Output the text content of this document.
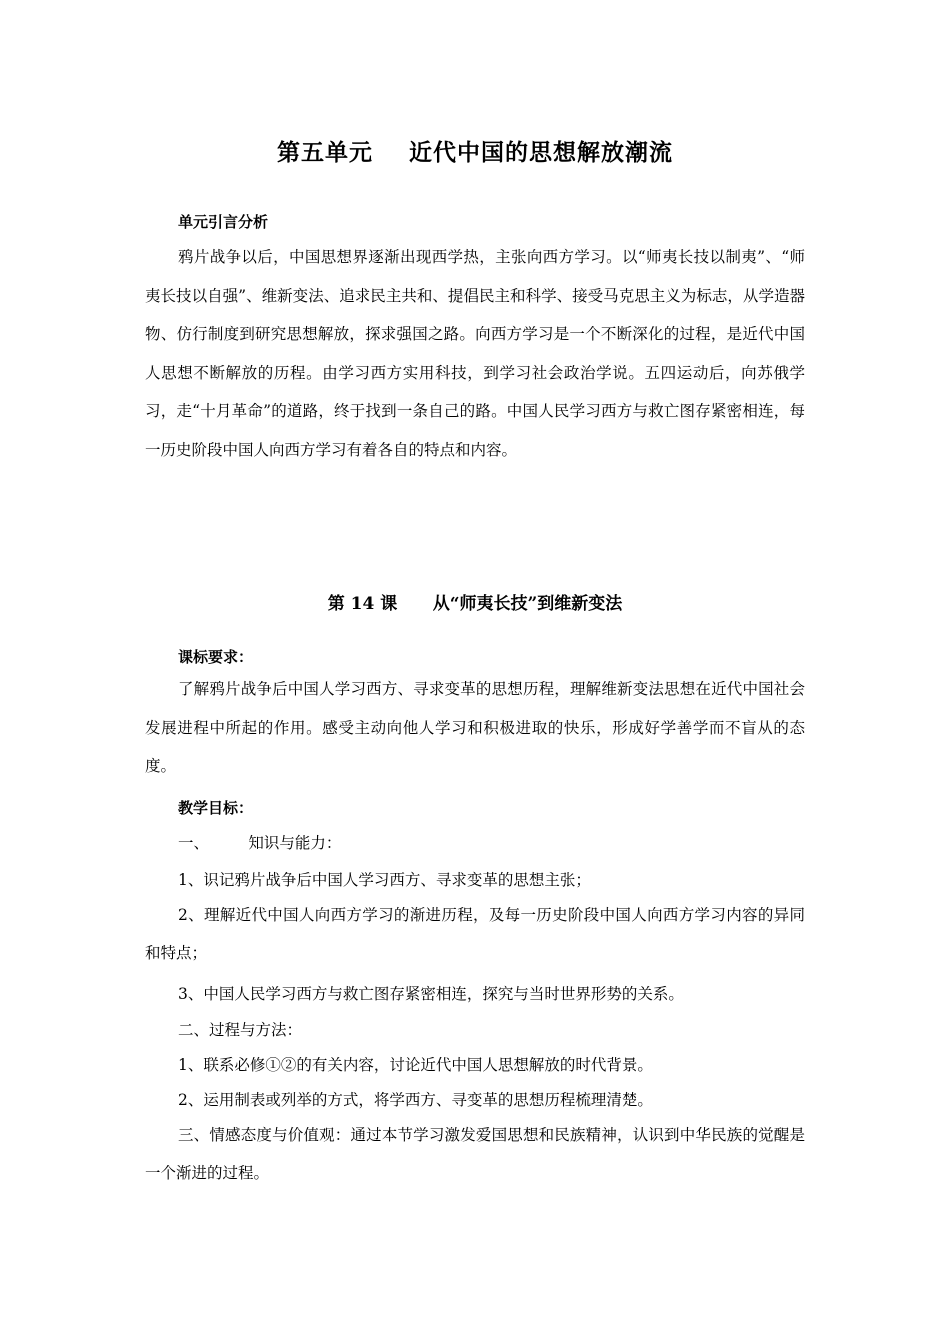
第五单元    近代中国的思想解放潮流
单元引言分析
鸦片战争以后，中国思想界逐渐出现西学热，主张向西方学习。以“师夷长技以制夷”、“师夷长技以自强”、维新变法、追求民主共和、提倡民主和科学、接受马克思主义为标志，从学造器物、仿行制度到研究思想解放，探求强国之路。向西方学习是一个不断深化的过程，是近代中国人思想不断解放的历程。由学习西方实用科技，到学习社会政治学说。五四运动后，向苏俄学习，走“十月革命”的道路，终于找到一条自己的路。中国人民学习西方与救亡图存紧密相连，每一历史阶段中国人向西方学习有着各自的特点和内容。
第 14 课      从“师夷长技”到维新变法
课标要求：
了解鸦片战争后中国人学习西方、寻求变革的思想历程，理解维新变法思想在近代中国社会发展进程中所起的作用。感受主动向他人学习和积极进取的快乐，形成好学善学而不盲从的态度。
教学目标：
一、        知识与能力：
1、识记鸦片战争后中国人学习西方、寻求变革的思想主张；
2、理解近代中国人向西方学习的渐进历程，及每一历史阶段中国人向西方学习内容的异同和特点；
3、中国人民学习西方与救亡图存紧密相连，探究与当时世界形势的关系。
二、过程与方法：
1、联系必修①②的有关内容，讨论近代中国人思想解放的时代背景。
2、运用制表或列举的方式，将学西方、寻变革的思想历程梳理清楚。
三、情感态度与价值观：通过本节学习激发爱国思想和民族精神，认识到中华民族的觉醒是一个渐进的过程。
